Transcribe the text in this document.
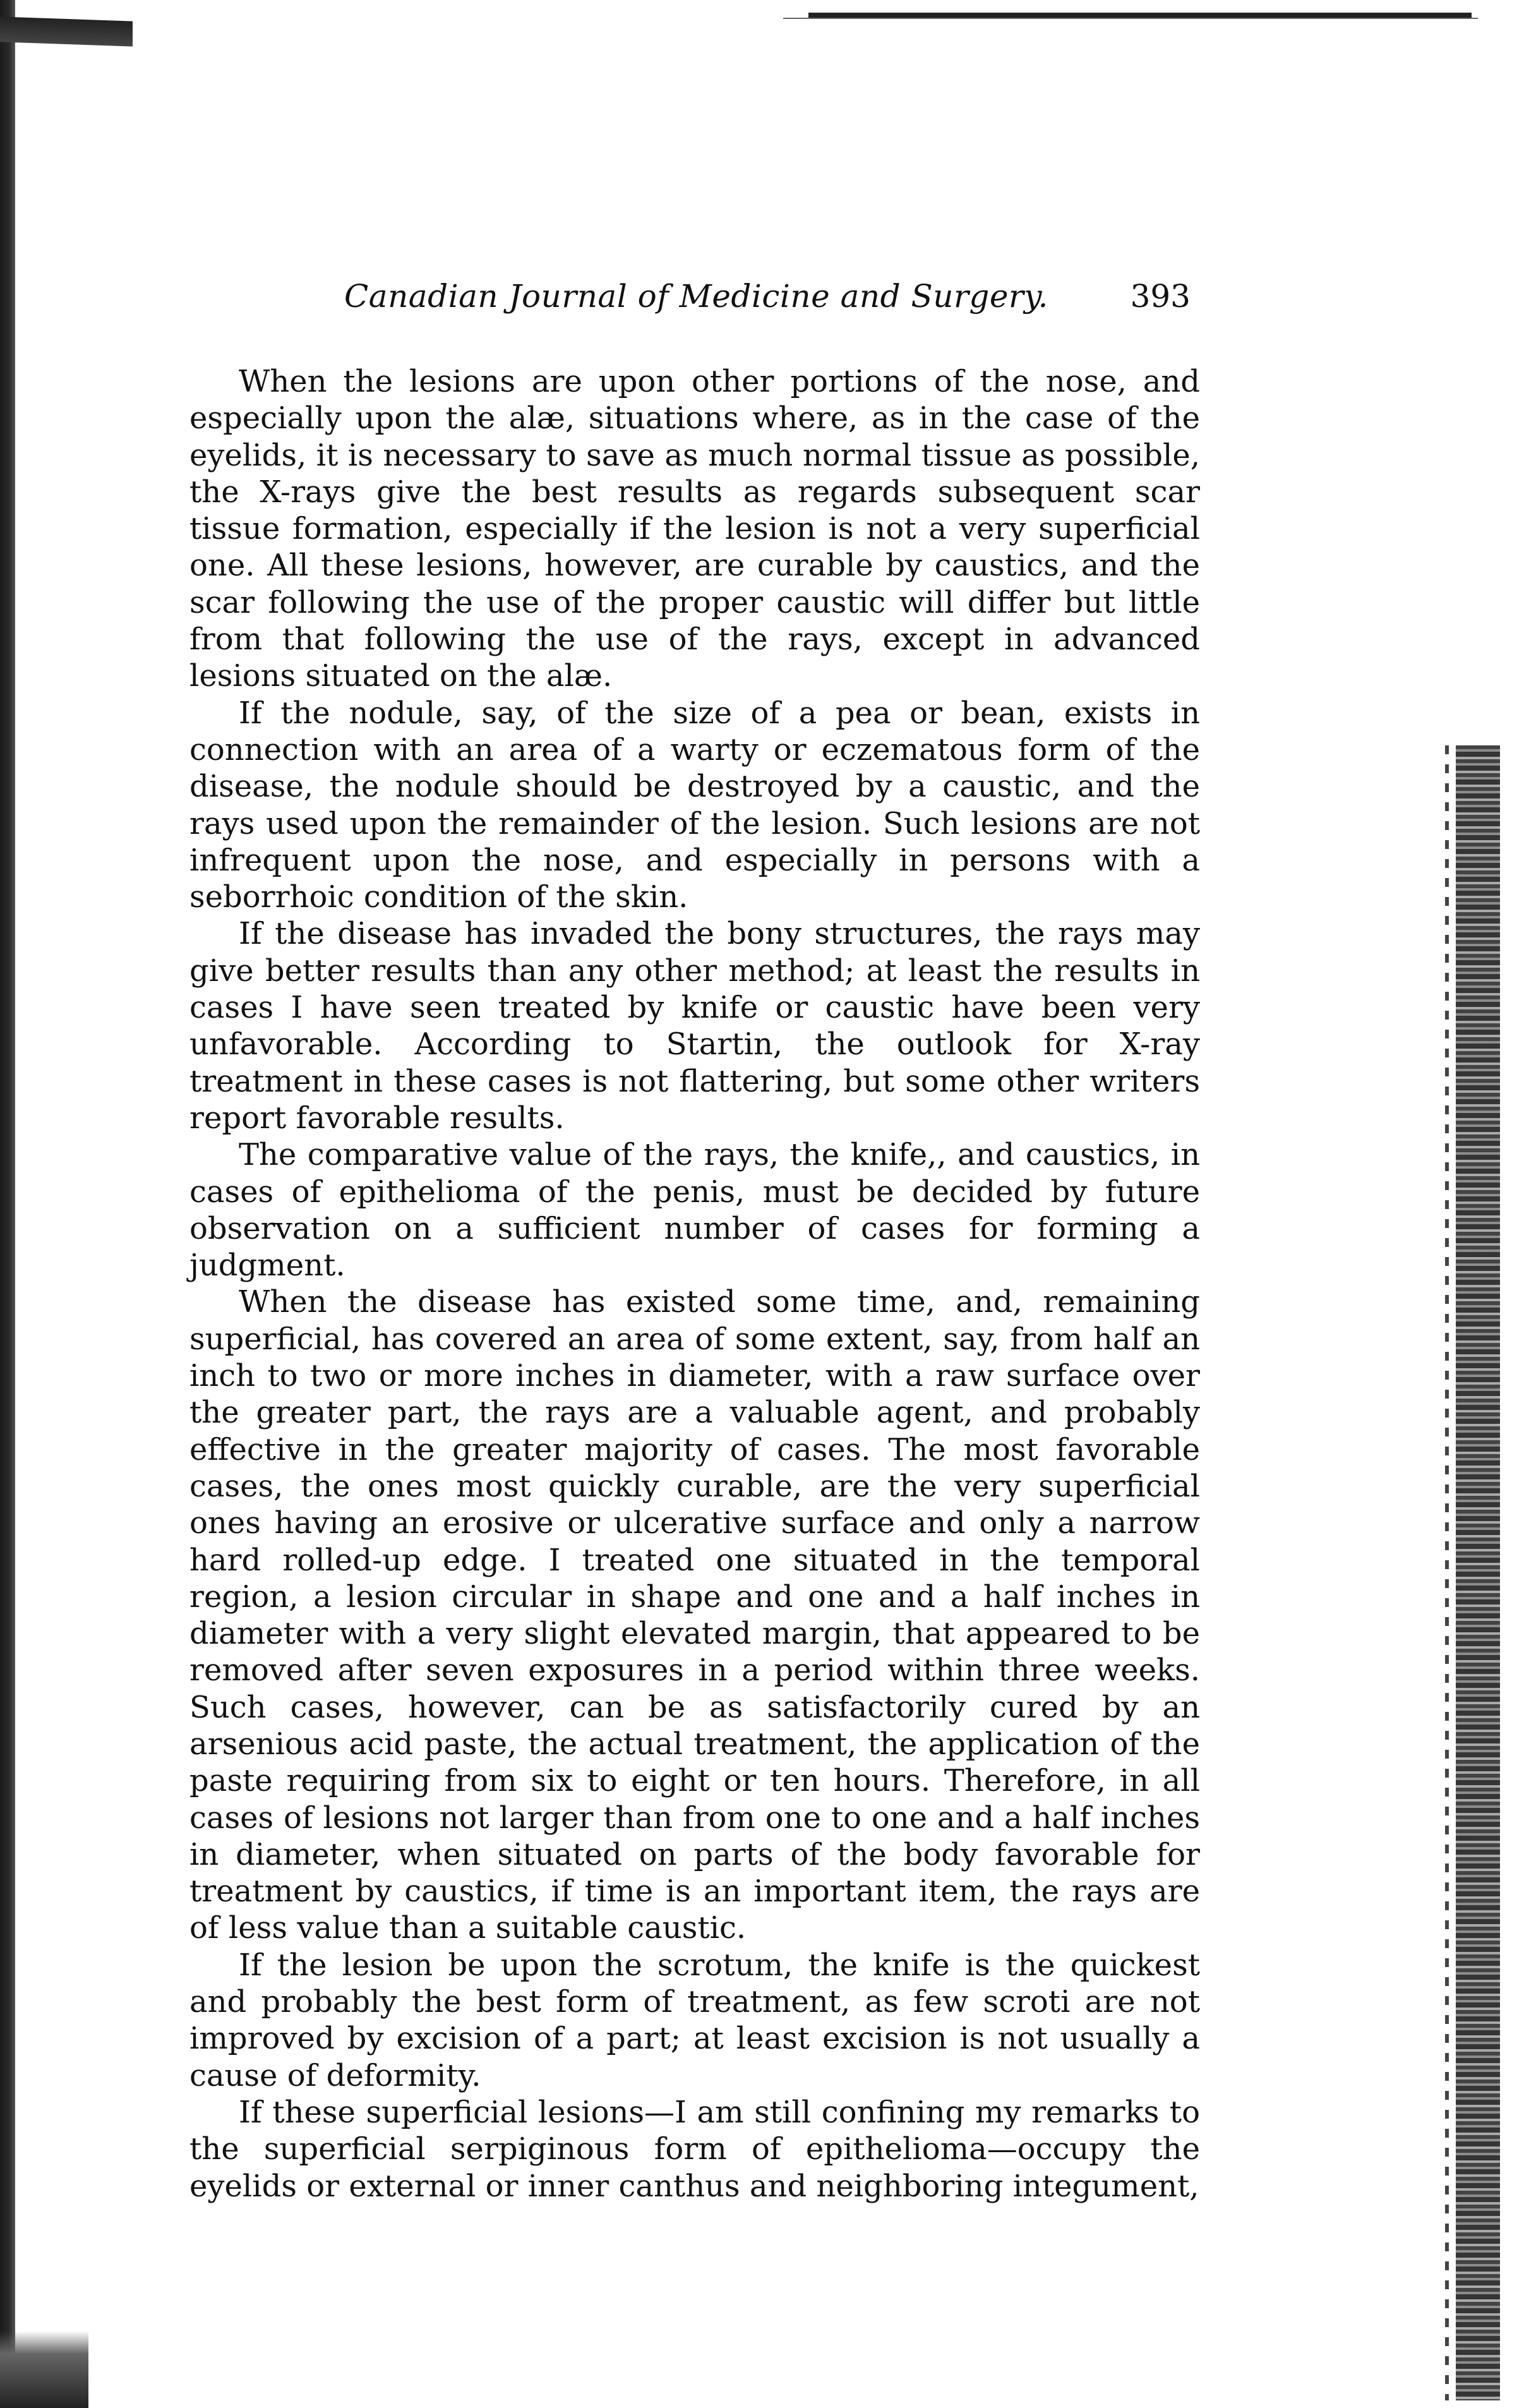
Canadian Journal of Medicine and Surgery.	393

When the lesions are upon other portions of the nose, and especially upon the alæ, situations where, as in the case of the eyelids, it is necessary to save as much normal tissue as possible, the X-rays give the best results as regards subsequent scar tissue formation, especially if the lesion is not a very superficial one. All these lesions, however, are curable by caustics, and the scar following the use of the proper caustic will differ but little from that following the use of the rays, except in advanced lesions situated on the alæ.

If the nodule, say, of the size of a pea or bean, exists in connection with an area of a warty or eczematous form of the disease, the nodule should be destroyed by a caustic, and the rays used upon the remainder of the lesion. Such lesions are not infrequent upon the nose, and especially in persons with a seborrhoic condition of the skin.

If the disease has invaded the bony structures, the rays may give better results than any other method; at least the results in cases I have seen treated by knife or caustic have been very unfavorable. According to Startin, the outlook for X-ray treatment in these cases is not flattering, but some other writers report favorable results.

The comparative value of the rays, the knife,, and caustics, in cases of epithelioma of the penis, must be decided by future observation on a sufficient number of cases for forming a judgment.

When the disease has existed some time, and, remaining superficial, has covered an area of some extent, say, from half an inch to two or more inches in diameter, with a raw surface over the greater part, the rays are a valuable agent, and probably effective in the greater majority of cases. The most favorable cases, the ones most quickly curable, are the very superficial ones having an erosive or ulcerative surface and only a narrow hard rolled-up edge. I treated one situated in the temporal region, a lesion circular in shape and one and a half inches in diameter with a very slight elevated margin, that appeared to be removed after seven exposures in a period within three weeks. Such cases, however, can be as satisfactorily cured by an arsenious acid paste, the actual treatment, the application of the paste requiring from six to eight or ten hours. Therefore, in all cases of lesions not larger than from one to one and a half inches in diameter, when situated on parts of the body favorable for treatment by caustics, if time is an important item, the rays are of less value than a suitable caustic.

If the lesion be upon the scrotum, the knife is the quickest and probably the best form of treatment, as few scroti are not improved by excision of a part; at least excision is not usually a cause of deformity.

If these superficial lesions—I am still confining my remarks to the superficial serpiginous form of epithelioma—occupy the eyelids or external or inner canthus and neighboring integument,
